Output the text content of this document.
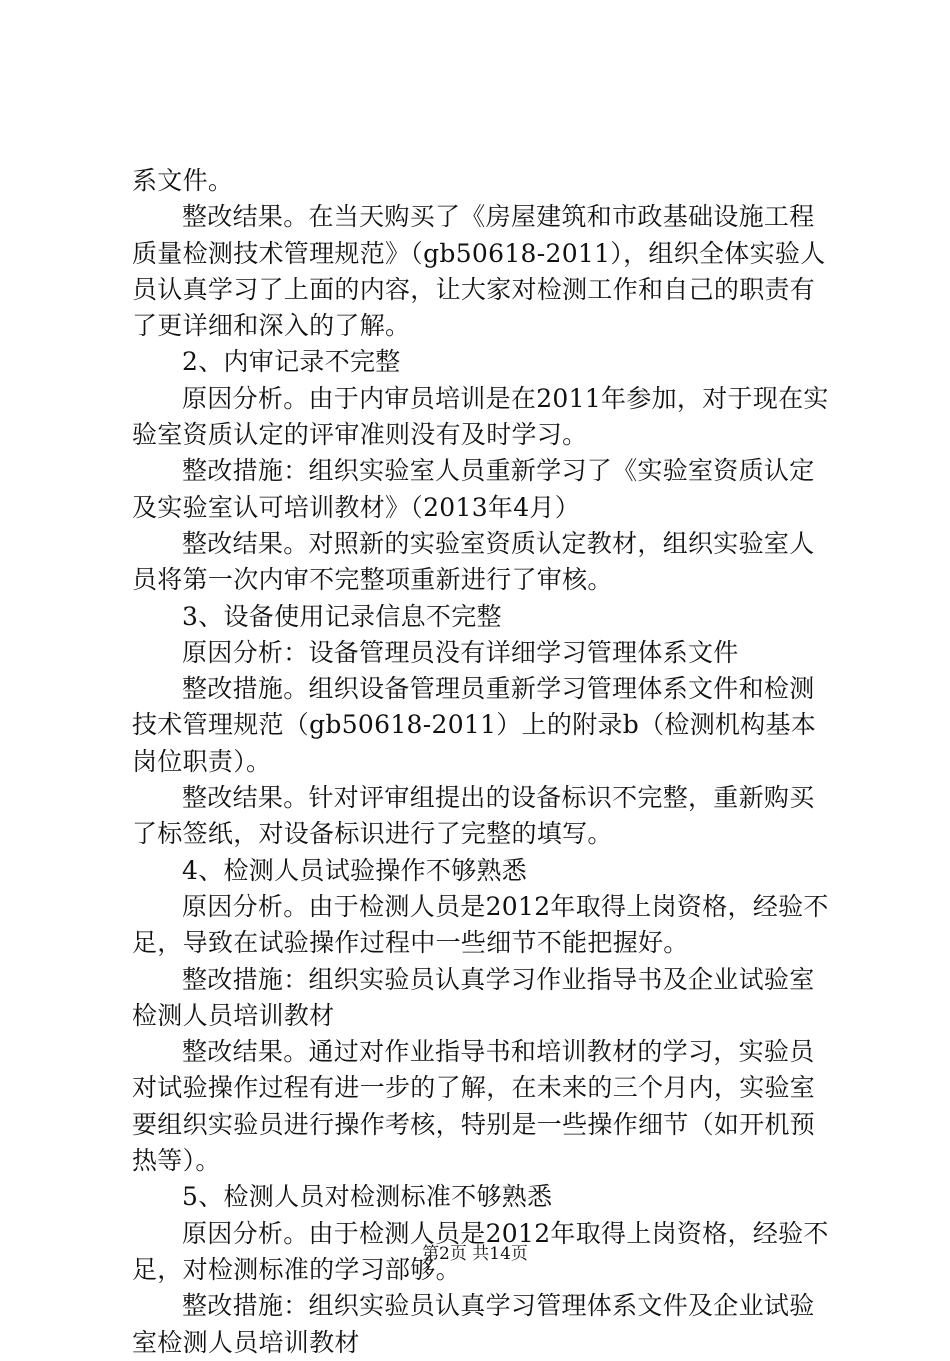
系文件。

整改结果。在当天购买了《房屋建筑和市政基础设施工程质量检测技术管理规范》（gb50618-2011），组织全体实验人员认真学习了上面的内容，让大家对检测工作和自己的职责有了更详细和深入的了解。

2、内审记录不完整

原因分析。由于内审员培训是在2011年参加，对于现在实验室资质认定的评审准则没有及时学习。

整改措施：组织实验室人员重新学习了《实验室资质认定及实验室认可培训教材》（2013年4月）

整改结果。对照新的实验室资质认定教材，组织实验室人员将第一次内审不完整项重新进行了审核。

3、设备使用记录信息不完整

原因分析：设备管理员没有详细学习管理体系文件

整改措施。组织设备管理员重新学习管理体系文件和检测技术管理规范（gb50618-2011）上的附录b（检测机构基本岗位职责）。

整改结果。针对评审组提出的设备标识不完整，重新购买了标签纸，对设备标识进行了完整的填写。

4、检测人员试验操作不够熟悉

原因分析。由于检测人员是2012年取得上岗资格，经验不足，导致在试验操作过程中一些细节不能把握好。

整改措施：组织实验员认真学习作业指导书及企业试验室检测人员培训教材

整改结果。通过对作业指导书和培训教材的学习，实验员对试验操作过程有进一步的了解，在未来的三个月内，实验室要组织实验员进行操作考核，特别是一些操作细节（如开机预热等）。

5、检测人员对检测标准不够熟悉

原因分析。由于检测人员是2012年取得上岗资格，经验不足，对检测标准的学习部够。

整改措施：组织实验员认真学习管理体系文件及企业试验室检测人员培训教材

第2页 共14页
